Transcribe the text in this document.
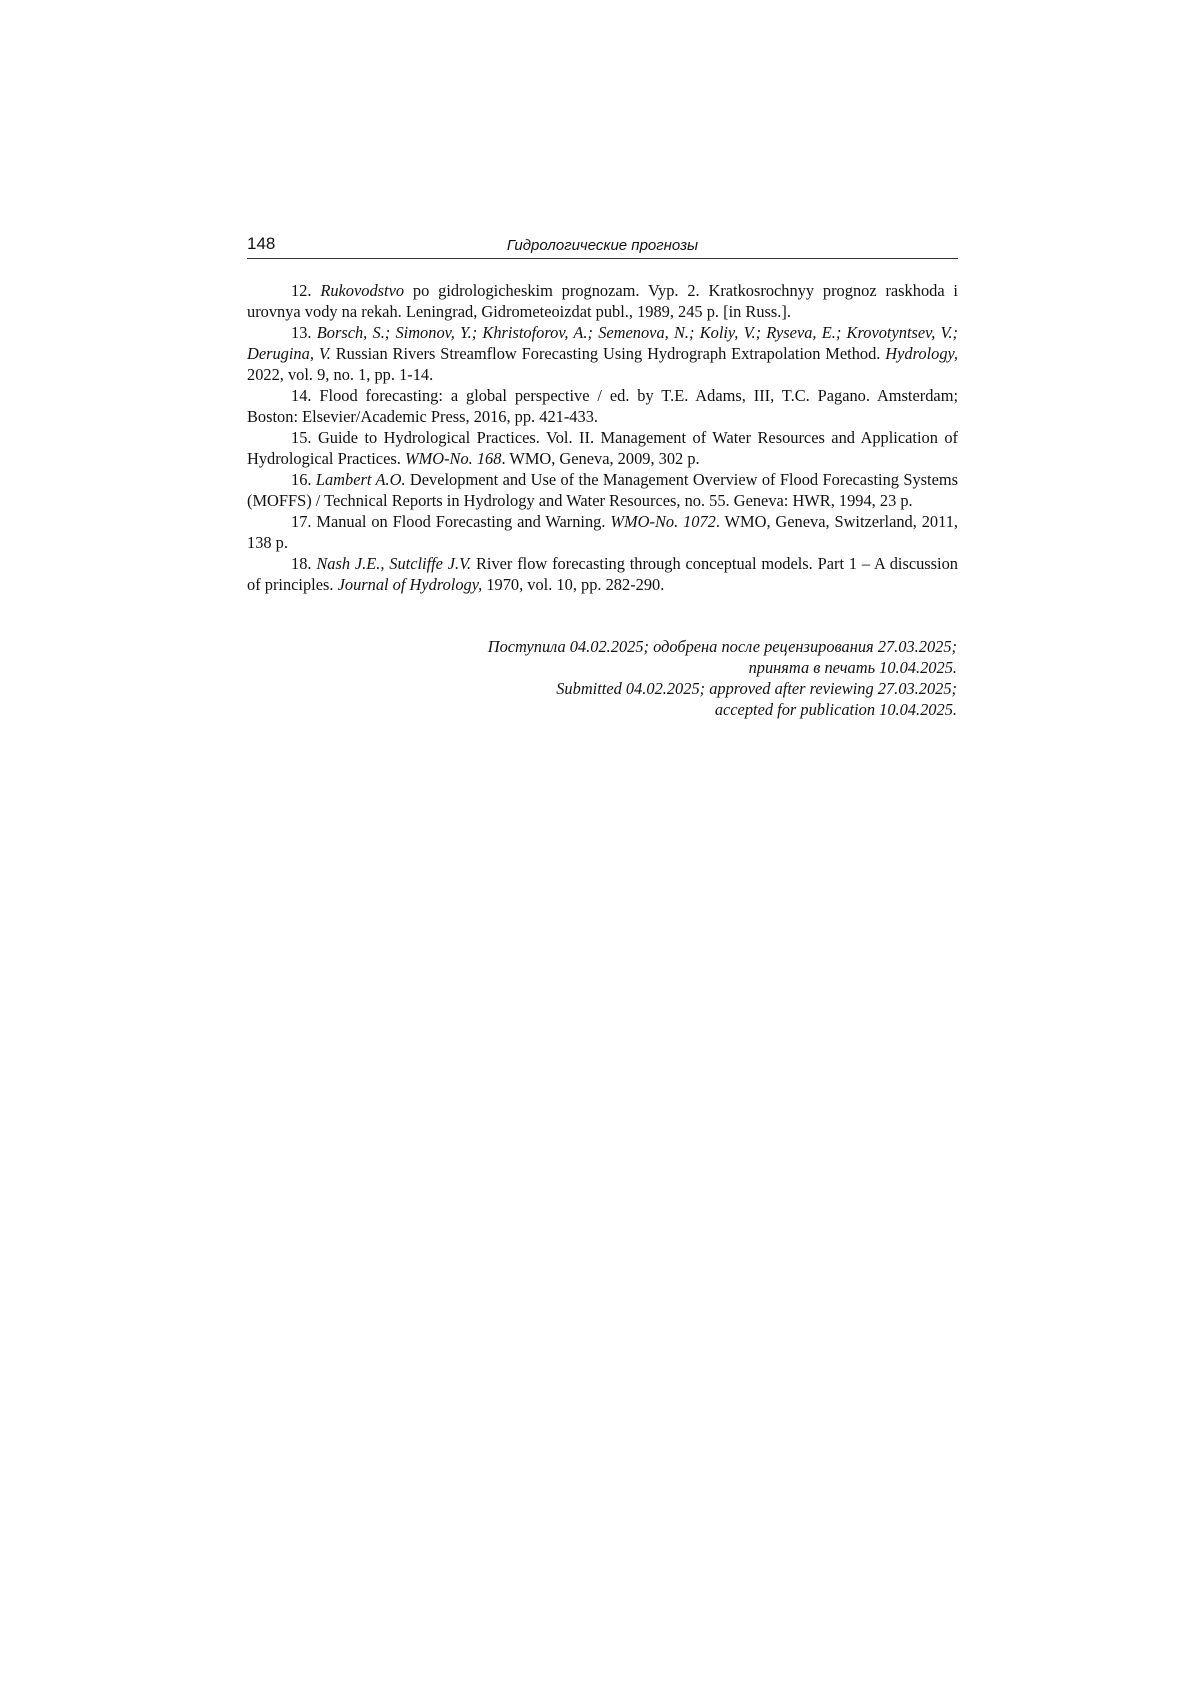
148	Гидрологические прогнозы

12. Rukovodstvo po gidrologicheskim prognozam. Vyp. 2. Kratkosrochnyy prognoz raskhoda i urovnya vody na rekah. Leningrad, Gidrometeoizdat publ., 1989, 245 p. [in Russ.].

13. Borsch, S.; Simonov, Y.; Khristoforov, A.; Semenova, N.; Koliy, V.; Ryseva, E.; Krovotyntsev, V.; Derugina, V. Russian Rivers Streamflow Forecasting Using Hydrograph Extrapolation Method. Hydrology, 2022, vol. 9, no. 1, pp. 1-14.

14. Flood forecasting: a global perspective / ed. by T.E. Adams, III, T.C. Pagano. Amsterdam; Boston: Elsevier/Academic Press, 2016, pp. 421-433.

15. Guide to Hydrological Practices. Vol. II. Management of Water Resources and Application of Hydrological Practices. WMO-No. 168. WMO, Geneva, 2009, 302 p.

16. Lambert A.O. Development and Use of the Management Overview of Flood Forecasting Systems (MOFFS) / Technical Reports in Hydrology and Water Resources, no. 55. Geneva: HWR, 1994, 23 p.

17. Manual on Flood Forecasting and Warning. WMO-No. 1072. WMO, Geneva, Switzerland, 2011, 138 p.

18. Nash J.E., Sutcliffe J.V. River flow forecasting through conceptual models. Part 1 – A discussion of principles. Journal of Hydrology, 1970, vol. 10, pp. 282-290.

Поступила 04.02.2025; одобрена после рецензирования 27.03.2025;
принята в печать 10.04.2025.
Submitted 04.02.2025; approved after reviewing 27.03.2025;
accepted for publication 10.04.2025.
